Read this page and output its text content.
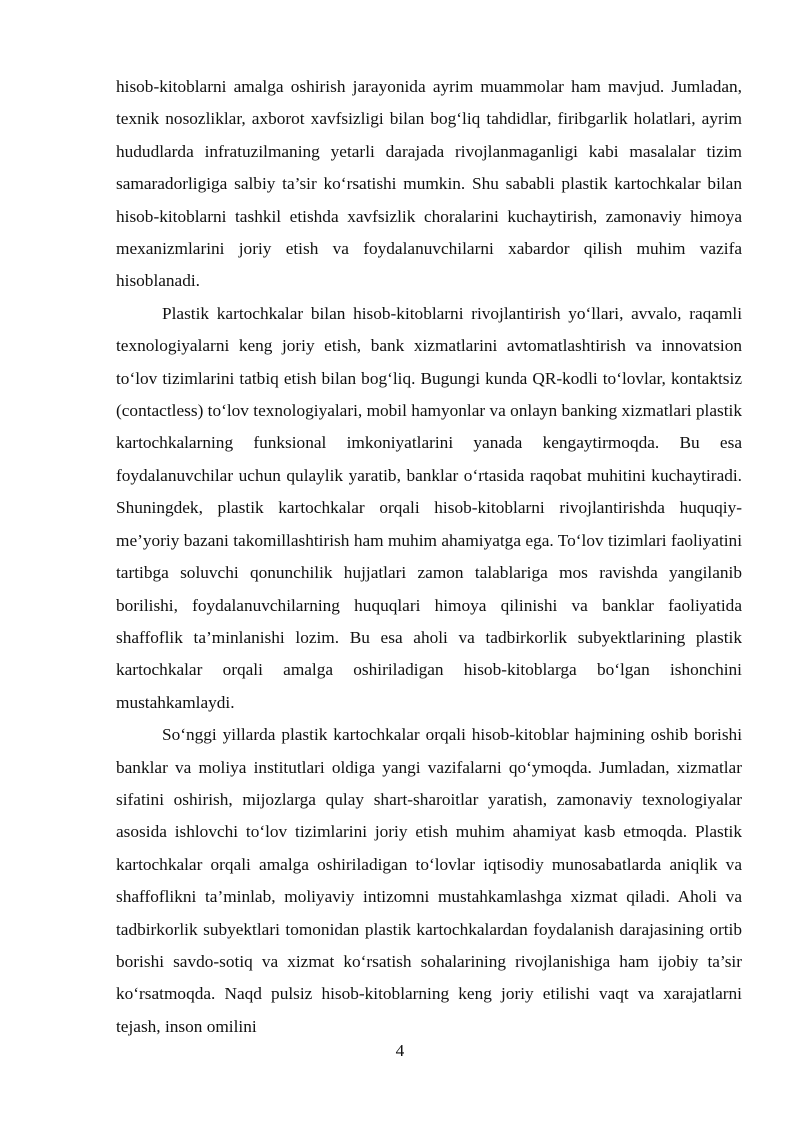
hisob-kitoblarni amalga oshirish jarayonida ayrim muammolar ham mavjud. Jumladan, texnik nosozliklar, axborot xavfsizligi bilan bog‘liq tahdidlar, firibgarlik holatlari, ayrim hududlarda infratuzilmaning yetarli darajada rivojlanmaganligi kabi masalalar tizim samaradorligiga salbiy ta’sir ko‘rsatishi mumkin. Shu sababli plastik kartochkalar bilan hisob-kitoblarni tashkil etishda xavfsizlik choralarini kuchaytirish, zamonaviy himoya mexanizmlarini joriy etish va foydalanuvchilarni xabardor qilish muhim vazifa hisoblanadi.

Plastik kartochkalar bilan hisob-kitoblarni rivojlantirish yo‘llari, avvalo, raqamli texnologiyalarni keng joriy etish, bank xizmatlarini avtomatlashtirish va innovatsion to‘lov tizimlarini tatbiq etish bilan bog‘liq. Bugungi kunda QR-kodli to‘lovlar, kontaktsiz (contactless) to‘lov texnologiyalari, mobil hamyonlar va onlayn banking xizmatlari plastik kartochkalarning funksional imkoniyatlarini yanada kengaytirmoqda. Bu esa foydalanuvchilar uchun qulaylik yaratib, banklar o‘rtasida raqobat muhitini kuchaytiradi. Shuningdek, plastik kartochkalar orqali hisob-kitoblarni rivojlantirishda huquqiy-me’yoriy bazani takomillashtirish ham muhim ahamiyatga ega. To‘lov tizimlari faoliyatini tartibga soluvchi qonunchilik hujjatlari zamon talablariga mos ravishda yangilanib borilishi, foydalanuvchilarning huquqlari himoya qilinishi va banklar faoliyatida shaffoflik ta’minlanishi lozim. Bu esa aholi va tadbirkorlik subyektlarining plastik kartochkalar orqali amalga oshiriladigan hisob-kitoblarga bo‘lgan ishonchini mustahkamlaydi.

So‘nggi yillarda plastik kartochkalar orqali hisob-kitoblar hajmining oshib borishi banklar va moliya institutlari oldiga yangi vazifalarni qo‘ymoqda. Jumladan, xizmatlar sifatini oshirish, mijozlarga qulay shart-sharoitlar yaratish, zamonaviy texnologiyalar asosida ishlovchi to‘lov tizimlarini joriy etish muhim ahamiyat kasb etmoqda. Plastik kartochkalar orqali amalga oshiriladigan to‘lovlar iqtisodiy munosabatlarda aniqlik va shaffoflikni ta’minlab, moliyaviy intizomni mustahkamlashga xizmat qiladi. Aholi va tadbirkorlik subyektlari tomonidan plastik kartochkalardan foydalanish darajasining ortib borishi savdo-sotiq va xizmat ko‘rsatish sohalarining rivojlanishiga ham ijobiy ta’sir ko‘rsatmoqda. Naqd pulsiz hisob-kitoblarning keng joriy etilishi vaqt va xarajatlarni tejash, inson omilini

4
